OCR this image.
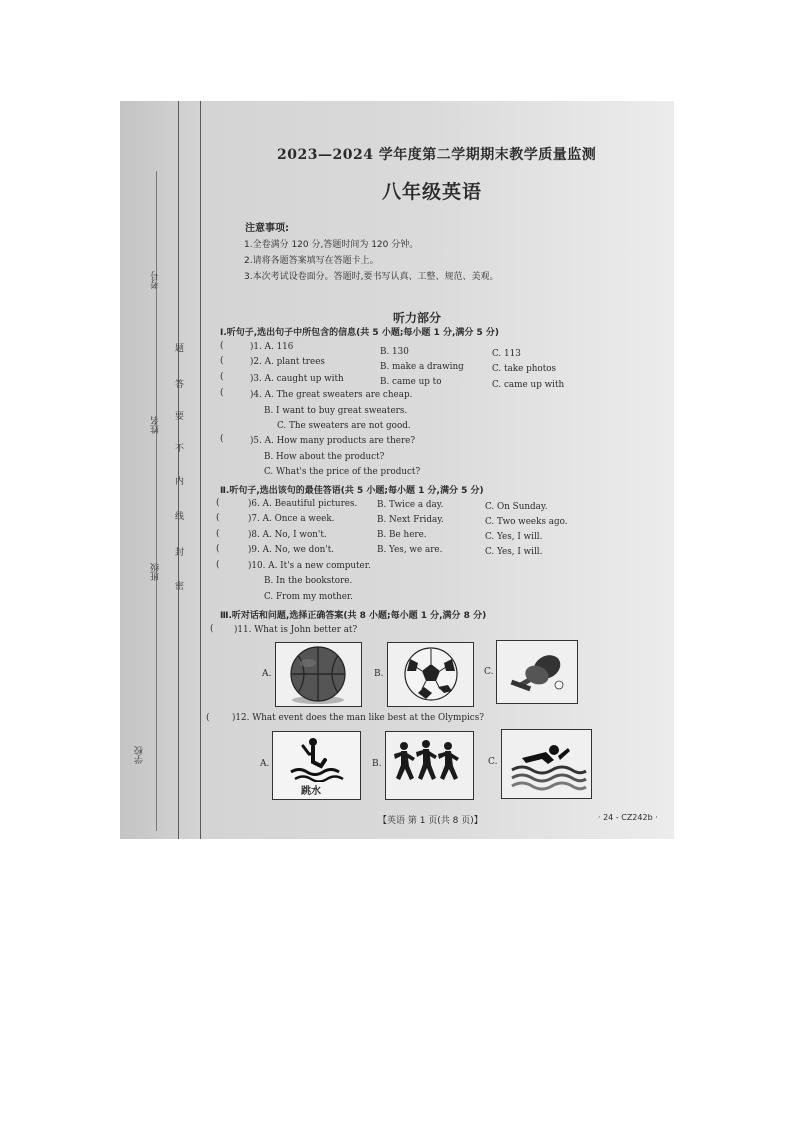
考号
姓名
班级
学校
题
答
要
不
内
线
封
密
2023—2024 学年度第二学期期末教学质量监测
八年级英语
注意事项:
1.全卷满分 120 分,答题时间为 120 分钟。
2.请将各题答案填写在答题卡上。
3.本次考试设卷面分。答题时,要书写认真、工整、规范、美观。
听力部分
Ⅰ.听句子,选出句子中所包含的信息(共 5 小题;每小题 1 分,满分 5 分)
(	)1. A. 116	B. 130	C. 113
(	)2. A. plant trees	B. make a drawing	C. take photos
(	)3. A. caught up with	B. came up to	C. came up with
(	)4. A. The great sweaters are cheap.
B. I want to buy great sweaters.
C. The sweaters are not good.
(	)5. A. How many products are there?
B. How about the product?
C. What's the price of the product?
Ⅱ.听句子,选出该句的最佳答语(共 5 小题;每小题 1 分,满分 5 分)
(	)6. A. Beautiful pictures. B. Twice a day.	C. On Sunday.
(	)7. A. Once a week.	B. Next Friday.	C. Two weeks ago.
(	)8. A. No, I won't.	B. Be here.	C. Yes, I will.
(	)9. A. No, we don't.	B. Yes, we are.	C. Yes, I will.
(	)10. A. It's a new computer.
B. In the bookstore.
C. From my mother.
Ⅲ.听对话和问题,选择正确答案(共 8 小题;每小题 1 分,满分 8 分)
( )11. What is John better at?
A.	B.	C.
(	)12. What event does the man like best at the Olympics?
A.
跳水
B.	C.
【英语 第 1 页(共 8 页)】	· 24 - CZ242b ·
